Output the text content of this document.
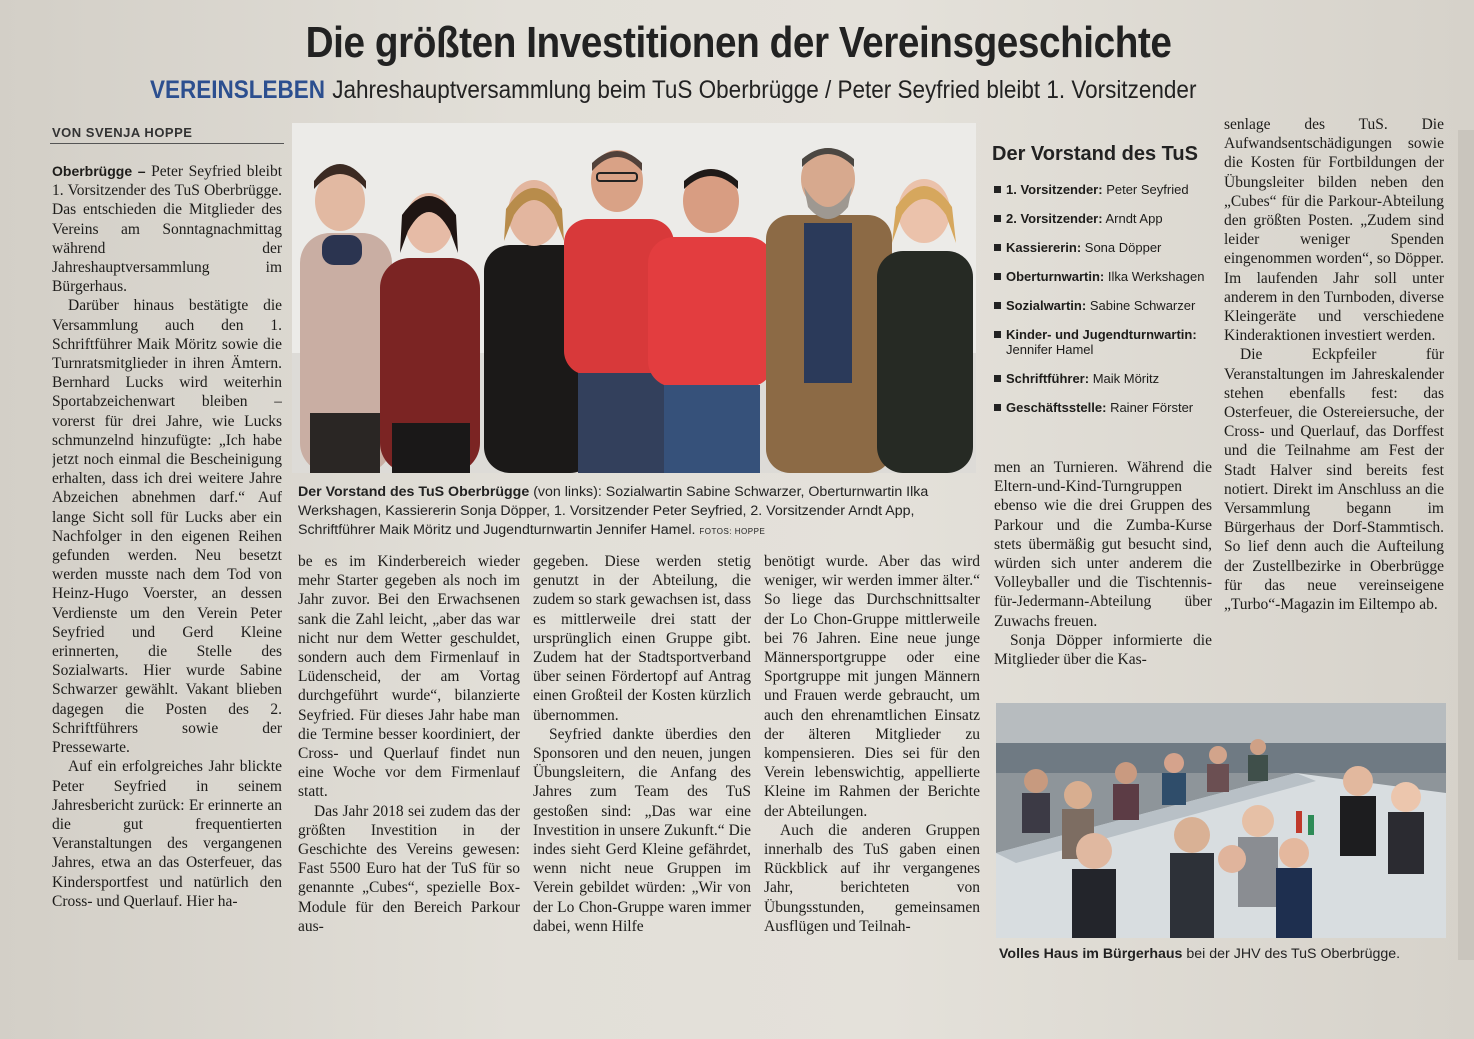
Die größten Investitionen der Vereinsgeschichte
VEREINSLEBEN Jahreshauptversammlung beim TuS Oberbrügge / Peter Seyfried bleibt 1. Vorsitzender
VON SVENJA HOPPE

Oberbrügge – Peter Seyfried bleibt 1. Vorsitzender des TuS Oberbrügge. Das entschieden die Mitglieder des Vereins am Sonntagnachmittag während der Jahreshauptversammlung im Bürgerhaus.

Darüber hinaus bestätigte die Versammlung auch den 1. Schriftführer Maik Möritz sowie die Turnratsmitglieder in ihren Ämtern. Bernhard Lucks wird weiterhin Sportabzeichenwart bleiben – vorerst für drei Jahre, wie Lucks schmunzelnd hinzufügte: „Ich habe jetzt noch einmal die Bescheinigung erhalten, dass ich drei weitere Jahre Abzeichen abnehmen darf.“ Auf lange Sicht soll für Lucks aber ein Nachfolger in den eigenen Reihen gefunden werden. Neu besetzt werden musste nach dem Tod von Heinz-Hugo Voerster, an dessen Verdienste um den Verein Peter Seyfried und Gerd Kleine erinnerten, die Stelle des Sozialwarts. Hier wurde Sabine Schwarzer gewählt. Vakant blieben dagegen die Posten des 2. Schriftführers sowie der Pressewarte.

Auf ein erfolgreiches Jahr blickte Peter Seyfried in seinem Jahresbericht zurück: Er erinnerte an die gut frequentierten Veranstaltungen des vergangenen Jahres, etwa an das Osterfeuer, das Kindersportfest und natürlich den Cross- und Querlauf. Hier ha-

Der Vorstand des TuS Oberbrügge (von links): Sozialwartin Sabine Schwarzer, Oberturnwartin Ilka Werkshagen, Kassiererin Sonja Döpper, 1. Vorsitzender Peter Seyfried, 2. Vorsitzender Arndt App, Schriftführer Maik Möritz und Jugendturnwartin Jennifer Hamel. FOTOS: HOPPE

be es im Kinderbereich wieder mehr Starter gegeben als noch im Jahr zuvor. Bei den Erwachsenen sank die Zahl leicht, „aber das war nicht nur dem Wetter geschuldet, sondern auch dem Firmenlauf in Lüdenscheid, der am Vortag durchgeführt wurde“, bilanzierte Seyfried. Für dieses Jahr habe man die Termine besser koordiniert, der Cross- und Querlauf findet nun eine Woche vor dem Firmenlauf statt.

Das Jahr 2018 sei zudem das der größten Investition in der Geschichte des Vereins gewesen: Fast 5500 Euro hat der TuS für so genannte „Cubes“, spezielle Box-Module für den Bereich Parkour aus-

gegeben. Diese werden stetig genutzt in der Abteilung, die zudem so stark gewachsen ist, dass es mittlerweile drei statt der ursprünglich einen Gruppe gibt. Zudem hat der Stadtsportverband über seinen Fördertopf auf Antrag einen Großteil der Kosten kürzlich übernommen.

Seyfried dankte überdies den Sponsoren und den neuen, jungen Übungsleitern, die Anfang des Jahres zum Team des TuS gestoßen sind: „Das war eine Investition in unsere Zukunft.“ Die indes sieht Gerd Kleine gefährdet, wenn nicht neue Gruppen im Verein gebildet würden: „Wir von der Lo Chon-Gruppe waren immer dabei, wenn Hilfe

benötigt wurde. Aber das wird weniger, wir werden immer älter.“ So liege das Durchschnittsalter der Lo Chon-Gruppe mittlerweile bei 76 Jahren. Eine neue junge Männersportgruppe oder eine Sportgruppe mit jungen Männern und Frauen werde gebraucht, um auch den ehrenamtlichen Einsatz der älteren Mitglieder zu kompensieren. Dies sei für den Verein lebenswichtig, appellierte Kleine im Rahmen der Berichte der Abteilungen.

Auch die anderen Gruppen innerhalb des TuS gaben einen Rückblick auf ihr vergangenes Jahr, berichteten von Übungsstunden, gemeinsamen Ausflügen und Teilnah-

Der Vorstand des TuS
1. Vorsitzender: Peter Seyfried
2. Vorsitzender: Arndt App
Kassiererin: Sona Döpper
Oberturnwartin: Ilka Werkshagen
Sozialwartin: Sabine Schwarzer
Kinder- und Jugendturnwartin:
Jennifer Hamel
Schriftführer: Maik Möritz
Geschäftsstelle: Rainer Förster

men an Turnieren. Während die Eltern-und-Kind-Turngruppen ebenso wie die drei Gruppen des Parkour und die Zumba-Kurse stets übermäßig gut besucht sind, würden sich unter anderem die Volleyballer und die Tischtennis-für-Jedermann-Abteilung über Zuwachs freuen.

Sonja Döpper informierte die Mitglieder über die Kas-

senlage des TuS. Die Aufwandsentschädigungen sowie die Kosten für Fortbildungen der Übungsleiter bilden neben den „Cubes“ für die Parkour-Abteilung den größten Posten. „Zudem sind leider weniger Spenden eingenommen worden“, so Döpper. Im laufenden Jahr soll unter anderem in den Turnboden, diverse Kleingeräte und verschiedene Kinderaktionen investiert werden.

Die Eckpfeiler für Veranstaltungen im Jahreskalender stehen ebenfalls fest: das Osterfeuer, die Ostereiersuche, der Cross- und Querlauf, das Dorffest und die Teilnahme am Fest der Stadt Halver sind bereits fest notiert. Direkt im Anschluss an die Versammlung begann im Bürgerhaus der Dorf-Stammtisch. So lief denn auch die Aufteilung der Zustellbezirke in Oberbrügge für das neue vereinseigene „Turbo“-Magazin im Eiltempo ab.

Volles Haus im Bürgerhaus bei der JHV des TuS Oberbrügge.
